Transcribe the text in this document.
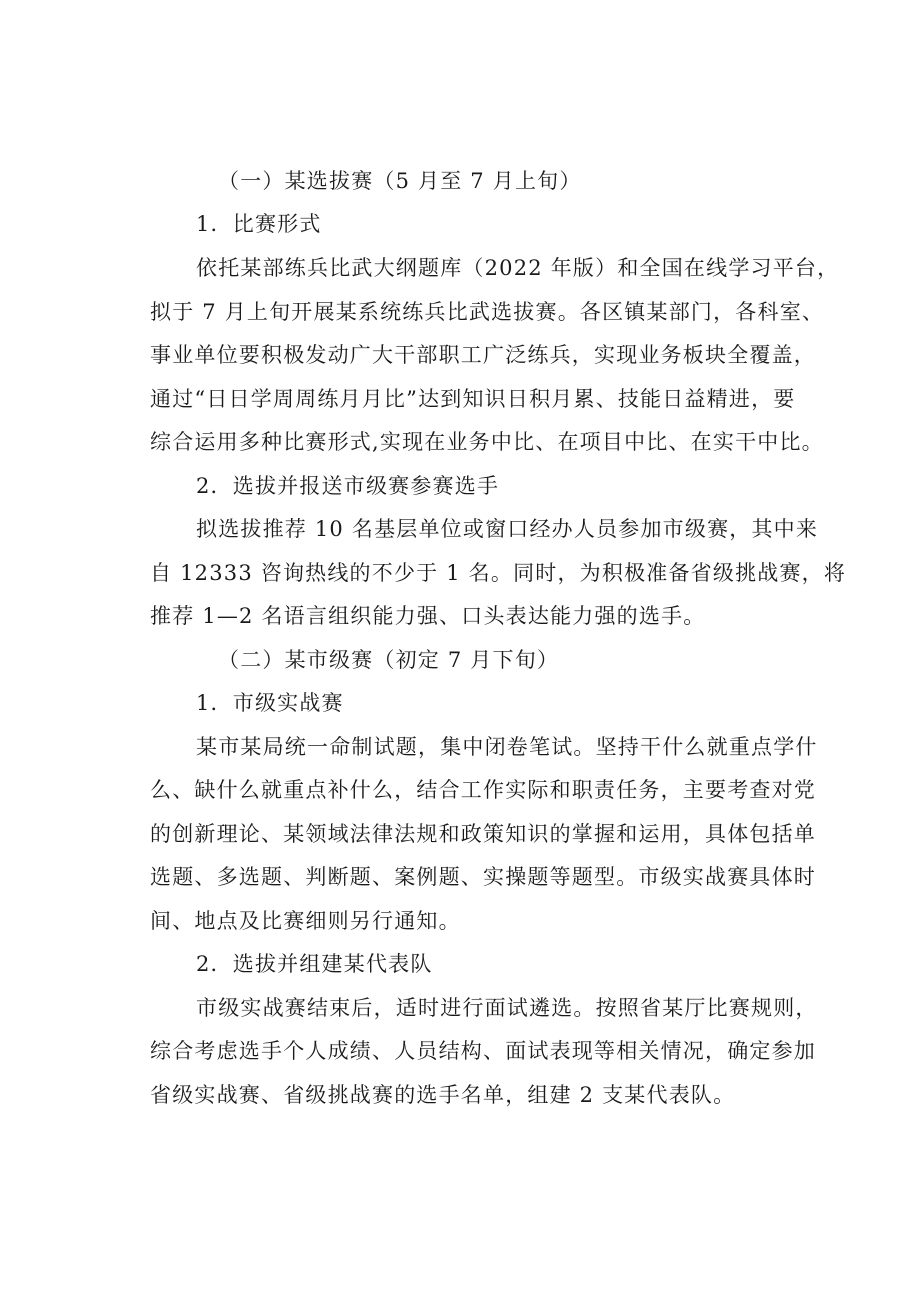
（一）某选拔赛（5 月至 7 月上旬）
1．比赛形式
依托某部练兵比武大纲题库（2022 年版）和全国在线学习平台，
拟于 7 月上旬开展某系统练兵比武选拔赛。各区镇某部门，各科室、
事业单位要积极发动广大干部职工广泛练兵，实现业务板块全覆盖，
通过“日日学周周练月月比”达到知识日积月累、技能日益精进，要
综合运用多种比赛形式,实现在业务中比、在项目中比、在实干中比。
2．选拔并报送市级赛参赛选手
拟选拔推荐 10 名基层单位或窗口经办人员参加市级赛，其中来
自 12333 咨询热线的不少于 1 名。同时，为积极准备省级挑战赛，将
推荐 1—2 名语言组织能力强、口头表达能力强的选手。
（二）某市级赛（初定 7 月下旬）
1．市级实战赛
某市某局统一命制试题，集中闭卷笔试。坚持干什么就重点学什
么、缺什么就重点补什么，结合工作实际和职责任务，主要考查对党
的创新理论、某领域法律法规和政策知识的掌握和运用，具体包括单
选题、多选题、判断题、案例题、实操题等题型。市级实战赛具体时
间、地点及比赛细则另行通知。
2．选拔并组建某代表队
市级实战赛结束后，适时进行面试遴选。按照省某厅比赛规则，
综合考虑选手个人成绩、人员结构、面试表现等相关情况，确定参加
省级实战赛、省级挑战赛的选手名单，组建 2 支某代表队。
